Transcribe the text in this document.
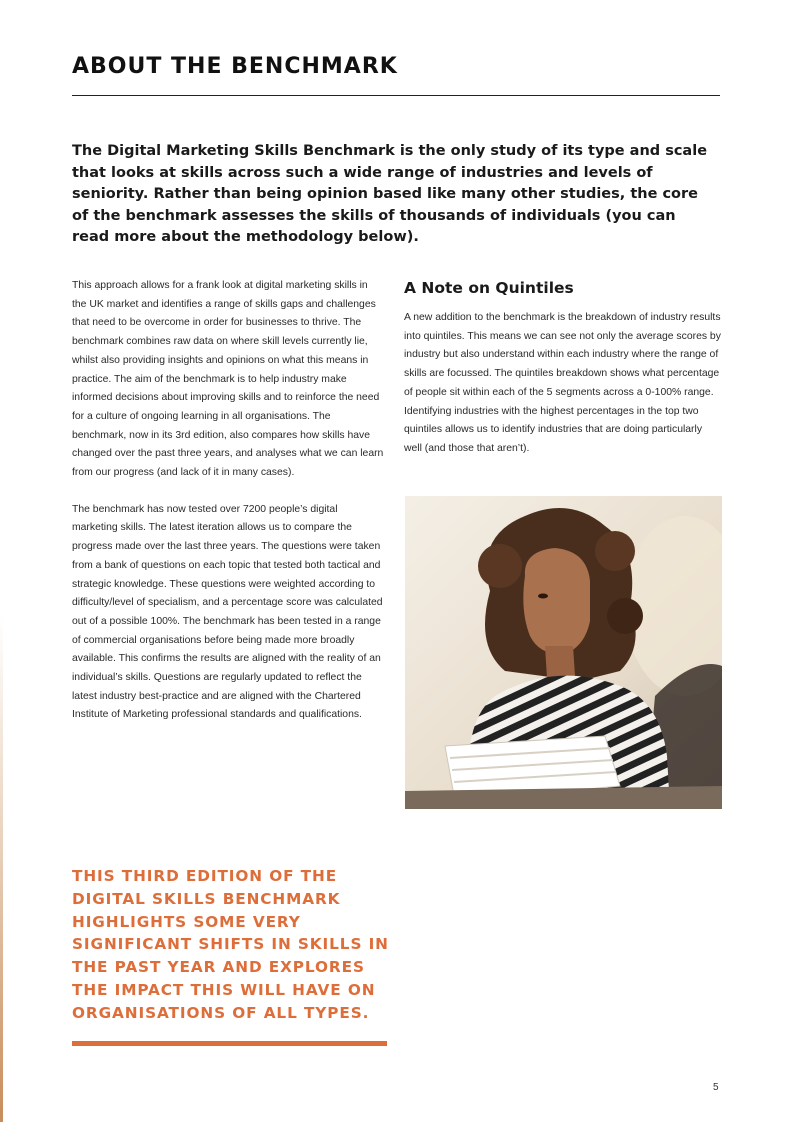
ABOUT THE BENCHMARK

The Digital Marketing Skills Benchmark is the only study of its type and scale that looks at skills across such a wide range of industries and levels of seniority. Rather than being opinion based like many other studies, the core of the benchmark assesses the skills of thousands of individuals (you can read more about the methodology below).

This approach allows for a frank look at digital marketing skills in the UK market and identifies a range of skills gaps and challenges that need to be overcome in order for businesses to thrive. The benchmark combines raw data on where skill levels currently lie, whilst also providing insights and opinions on what this means in practice. The aim of the benchmark is to help industry make informed decisions about improving skills and to reinforce the need for a culture of ongoing learning in all organisations. The benchmark, now in its 3rd edition, also compares how skills have changed over the past three years, and analyses what we can learn from our progress (and lack of it in many cases).

The benchmark has now tested over 7200 people’s digital marketing skills. The latest iteration allows us to compare the progress made over the last three years. The questions were taken from a bank of questions on each topic that tested both tactical and strategic knowledge. These questions were weighted according to difficulty/level of specialism, and a percentage score was calculated out of a possible 100%. The benchmark has been tested in a range of commercial organisations before being made more broadly available. This confirms the results are aligned with the reality of an individual’s skills. Questions are regularly updated to reflect the latest industry best-practice and are aligned with the Chartered Institute of Marketing professional standards and qualifications.

A Note on Quintiles

A new addition to the benchmark is the breakdown of industry results into quintiles. This means we can see not only the average scores by industry but also understand within each industry where the range of skills are focussed. The quintiles breakdown shows what percentage of people sit within each of the 5 segments across a 0-100% range. Identifying industries with the highest percentages in the top two quintiles allows us to identify industries that are doing particularly well (and those that aren’t).

THIS THIRD EDITION OF THE DIGITAL SKILLS BENCHMARK HIGHLIGHTS SOME VERY SIGNIFICANT SHIFTS IN SKILLS IN THE PAST YEAR AND EXPLORES THE IMPACT THIS WILL HAVE ON ORGANISATIONS OF ALL TYPES.

5
